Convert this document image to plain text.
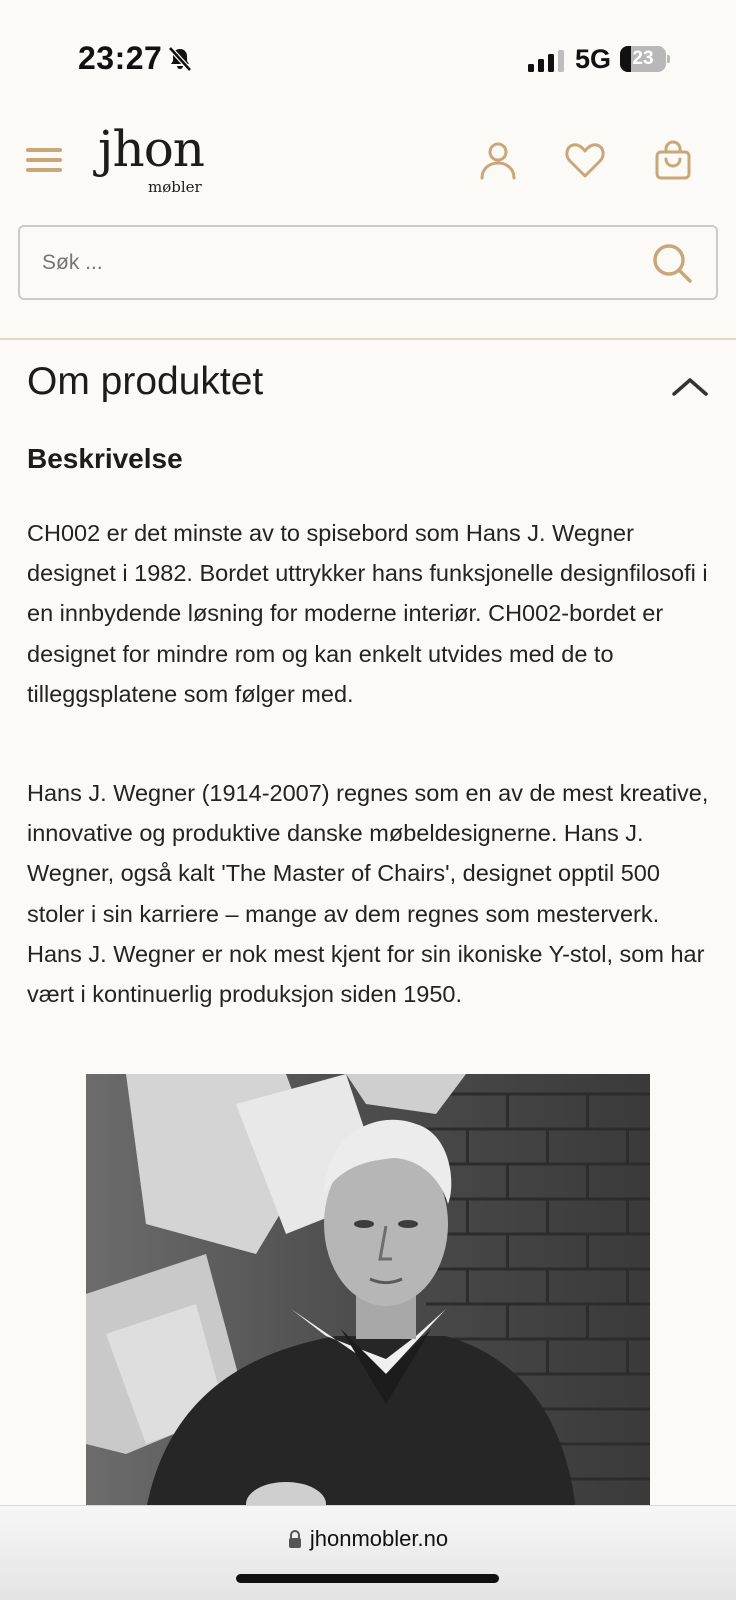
23:27	5G	23
jhon
møbler
Søk ...
Om produktet
Beskrivelse

CH002 er det minste av to spisebord som Hans J. Wegner designet i 1982. Bordet uttrykker hans funksjonelle designfilosofi i en innbydende løsning for moderne interiør. CH002-bordet er designet for mindre rom og kan enkelt utvides med de to tilleggsplatene som følger med.

Hans J. Wegner (1914-2007) regnes som en av de mest kreative, innovative og produktive danske møbeldesignerne. Hans J. Wegner, også kalt 'The Master of Chairs', designet opptil 500 stoler i sin karriere – mange av dem regnes som mesterverk. Hans J. Wegner er nok mest kjent for sin ikoniske Y-stol, som har vært i kontinuerlig produksjon siden 1950.

jhonmobler.no
